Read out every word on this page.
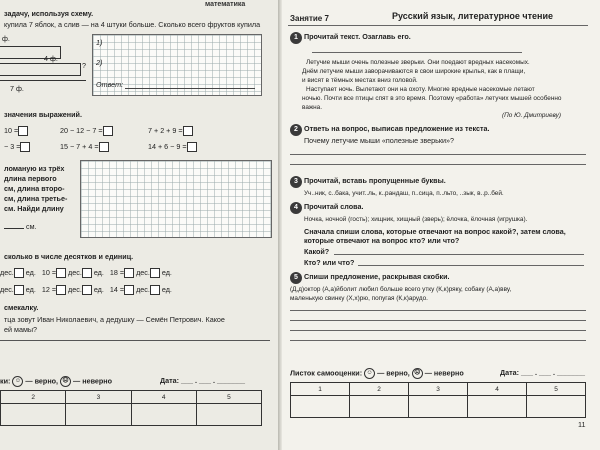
математика
задачу, используя схему.
купила 7 яблок, а слив — на 4 штуки больше. Сколько всего фруктов купила
ф.
4 ф.
?
7 ф.
1)
2)
Ответ:
значения выражений.
10 =	20 − 12 − 7 =	7 + 2 + 9 =
− 3 =	15 − 7 + 4 =	14 + 6 − 9 =
ломаную из трёх
длина первого
см, длина второ-
см, длина третье-
см. Найди длину
см.
сколько в числе десятков и единиц.
дес. ед. 10 = дес. ед. 18 = дес. ед.
дес. ед. 12 = дес. ед. 14 = дес. ед.
смекалку.
тца зовут Иван Николаевич, а дедушку — Семён Петрович. Какое
ей мамы?
ки: ☺ — верно, ☹ — неверно	Дата: ___ . ___ . _______
2	3	4	5

Занятие 7	Русский язык, литературное чтение
1 Прочитай текст. Озаглавь его.
Летучие мыши очень полезные зверьки. Они поедают вредных насекомых.
Днём летучие мыши заворачиваются в свои широкие крылья, как в плащи,
и висят в тёмных местах вниз головой.
Наступает ночь. Вылетают они на охоту. Многие вредные насекомые летают
ночью. Почти все птицы спят в это время. Поэтому «работа» летучих мышей особенно
важна.
(По Ю. Дмитриеву)
2 Ответь на вопрос, выписав предложение из текста.
Почему летучие мыши «полезные зверьки»?
3 Прочитай, вставь пропущенные буквы.
Уч..ник, с..бака, учит..ль, к..рандаш, п..сица, п..льто, ..зык, в..р..бей.
4 Прочитай слова.
Ночка, ночной (гость); хищник, хищный (зверь); ёлочка, ёлочная (игрушка).
Сначала спиши слова, которые отвечают на вопрос какой?, затем слова,
которые отвечают на вопрос кто? или что?
Какой?
Кто? или что?
5 Спиши предложение, раскрывая скобки.
(Д,д)октор (А,а)йболит любил больше всего утку (К,к)ряку, собаку (А,а)вву,
маленькую свинку (Х,х)рю, попугая (К,к)арудо.
Листок самооценки: ☺ — верно, ☹ — неверно	Дата: ___ . ___ . _______
1	2	3	4	5

11
